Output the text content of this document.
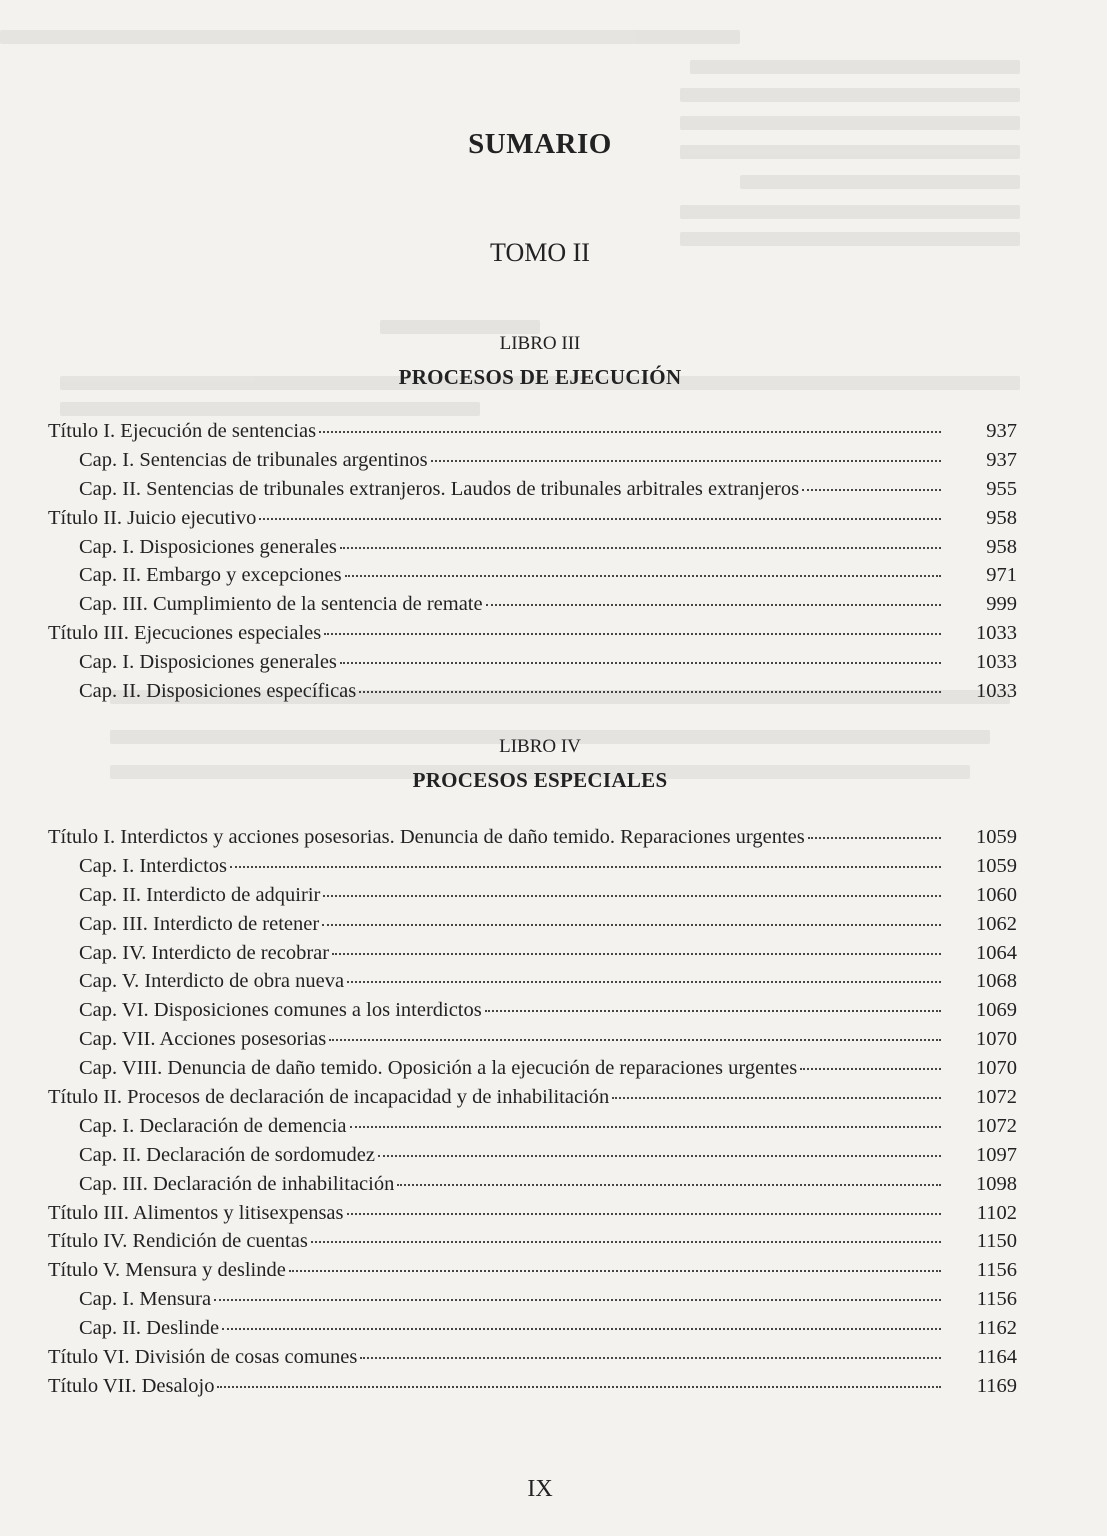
SUMARIO
TOMO II
LIBRO III
PROCESOS DE EJECUCIÓN
Título I. Ejecución de sentencias	937
Cap. I. Sentencias de tribunales argentinos	937
Cap. II. Sentencias de tribunales extranjeros. Laudos de tribunales arbitrales extranjeros	955
Título II. Juicio ejecutivo	958
Cap. I. Disposiciones generales	958
Cap. II. Embargo y excepciones	971
Cap. III. Cumplimiento de la sentencia de remate	999
Título III. Ejecuciones especiales	1033
Cap. I. Disposiciones generales	1033
Cap. II. Disposiciones específicas	1033
LIBRO IV
PROCESOS ESPECIALES
Título I. Interdictos y acciones posesorias. Denuncia de daño temido. Reparaciones urgentes	1059
Cap. I. Interdictos	1059
Cap. II. Interdicto de adquirir	1060
Cap. III. Interdicto de retener	1062
Cap. IV. Interdicto de recobrar	1064
Cap. V. Interdicto de obra nueva	1068
Cap. VI. Disposiciones comunes a los interdictos	1069
Cap. VII. Acciones posesorias	1070
Cap. VIII. Denuncia de daño temido. Oposición a la ejecución de reparaciones urgentes	1070
Título II. Procesos de declaración de incapacidad y de inhabilitación	1072
Cap. I. Declaración de demencia	1072
Cap. II. Declaración de sordomudez	1097
Cap. III. Declaración de inhabilitación	1098
Título III. Alimentos y litisexpensas	1102
Título IV. Rendición de cuentas	1150
Título V. Mensura y deslinde	1156
Cap. I. Mensura	1156
Cap. II. Deslinde	1162
Título VI. División de cosas comunes	1164
Título VII. Desalojo	1169
IX
